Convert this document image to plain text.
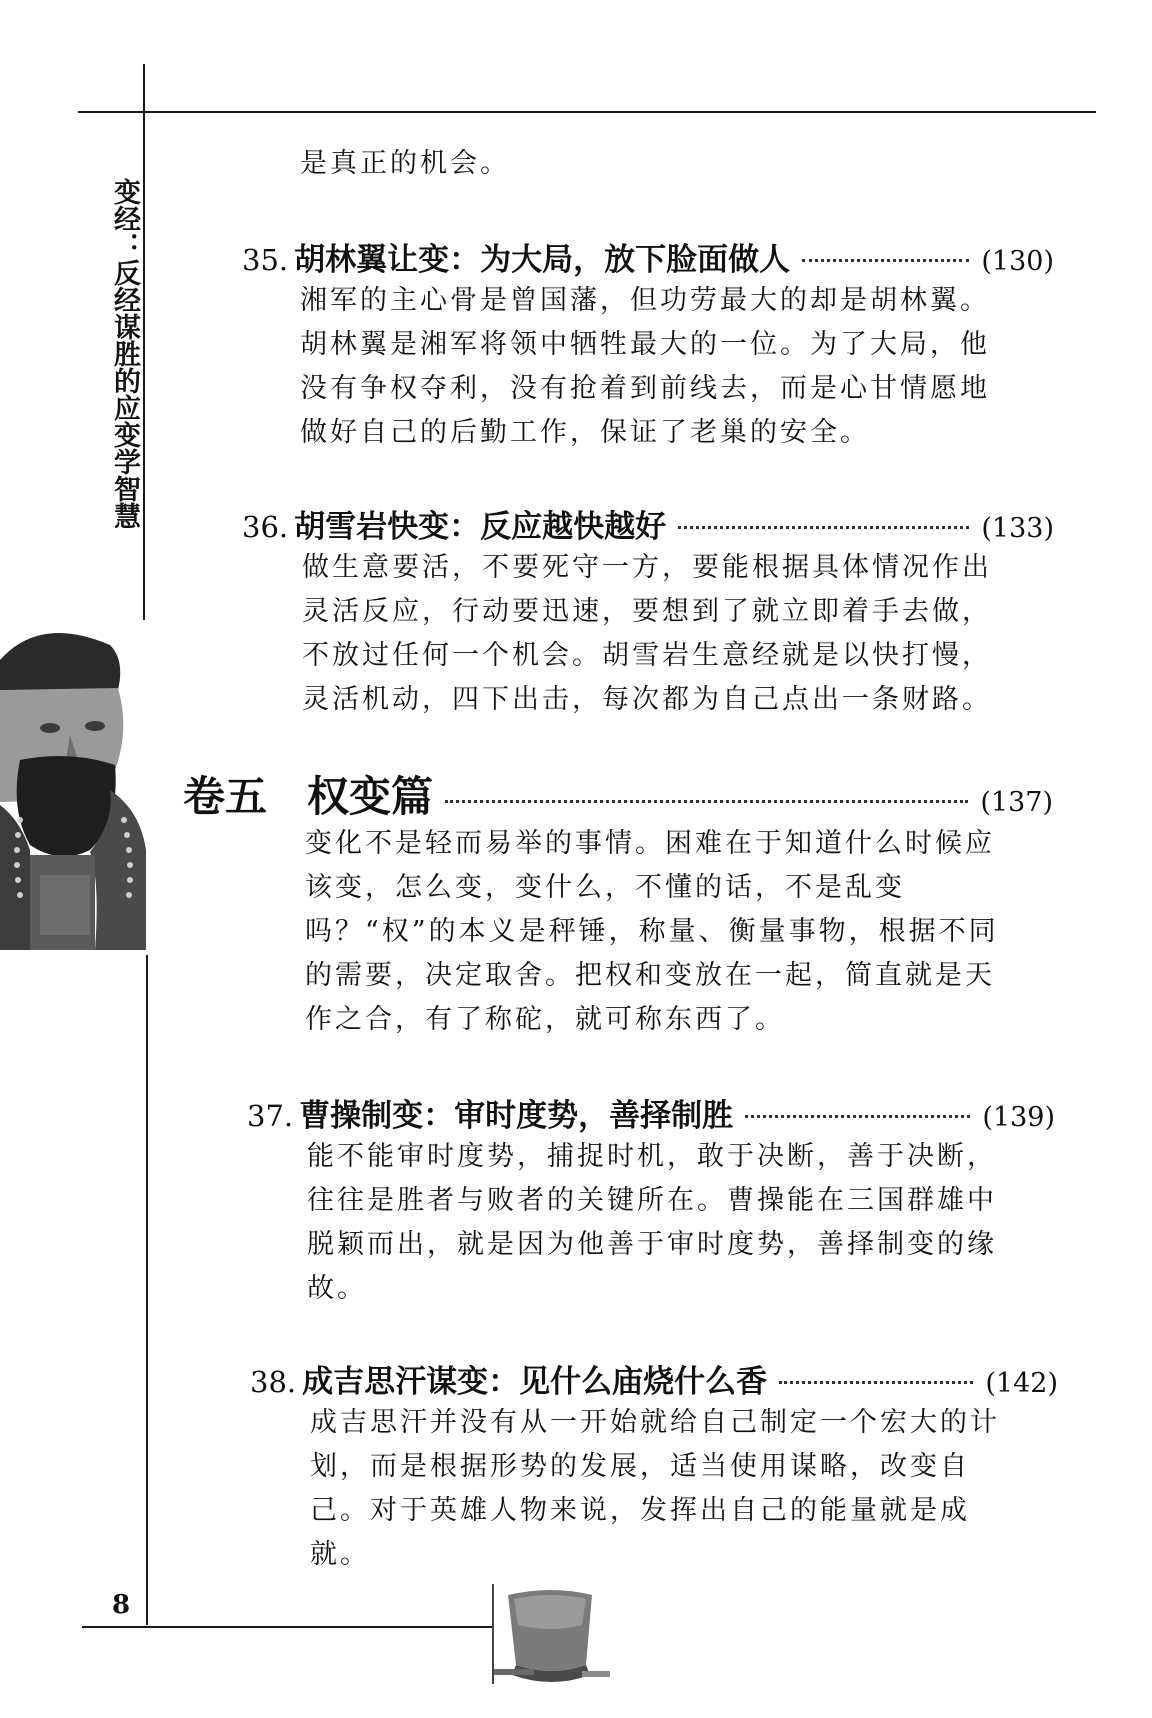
变经：反经谋胜的应变学智慧
8

是真正的机会。

35. 胡林翼让变：为大局，放下脸面做人	(130)

湘军的主心骨是曾国藩，但功劳最大的却是胡林翼。胡林翼是湘军将领中牺牲最大的一位。为了大局，他没有争权夺利，没有抢着到前线去，而是心甘情愿地做好自己的后勤工作，保证了老巢的安全。

36. 胡雪岩快变：反应越快越好	(133)

做生意要活，不要死守一方，要能根据具体情况作出灵活反应，行动要迅速，要想到了就立即着手去做，不放过任何一个机会。胡雪岩生意经就是以快打慢，灵活机动，四下出击，每次都为自己点出一条财路。

卷五 权变篇	(137)

变化不是轻而易举的事情。困难在于知道什么时候应该变，怎么变，变什么，不懂的话，不是乱变吗？“权”的本义是秤锤，称量、衡量事物，根据不同的需要，决定取舍。把权和变放在一起，简直就是天作之合，有了称砣，就可称东西了。

37. 曹操制变：审时度势，善择制胜	(139)

能不能审时度势，捕捉时机，敢于决断，善于决断，往往是胜者与败者的关键所在。曹操能在三国群雄中脱颖而出，就是因为他善于审时度势，善择制变的缘故。

38. 成吉思汗谋变：见什么庙烧什么香	(142)

成吉思汗并没有从一开始就给自己制定一个宏大的计划，而是根据形势的发展，适当使用谋略，改变自己。对于英雄人物来说，发挥出自己的能量就是成就。
